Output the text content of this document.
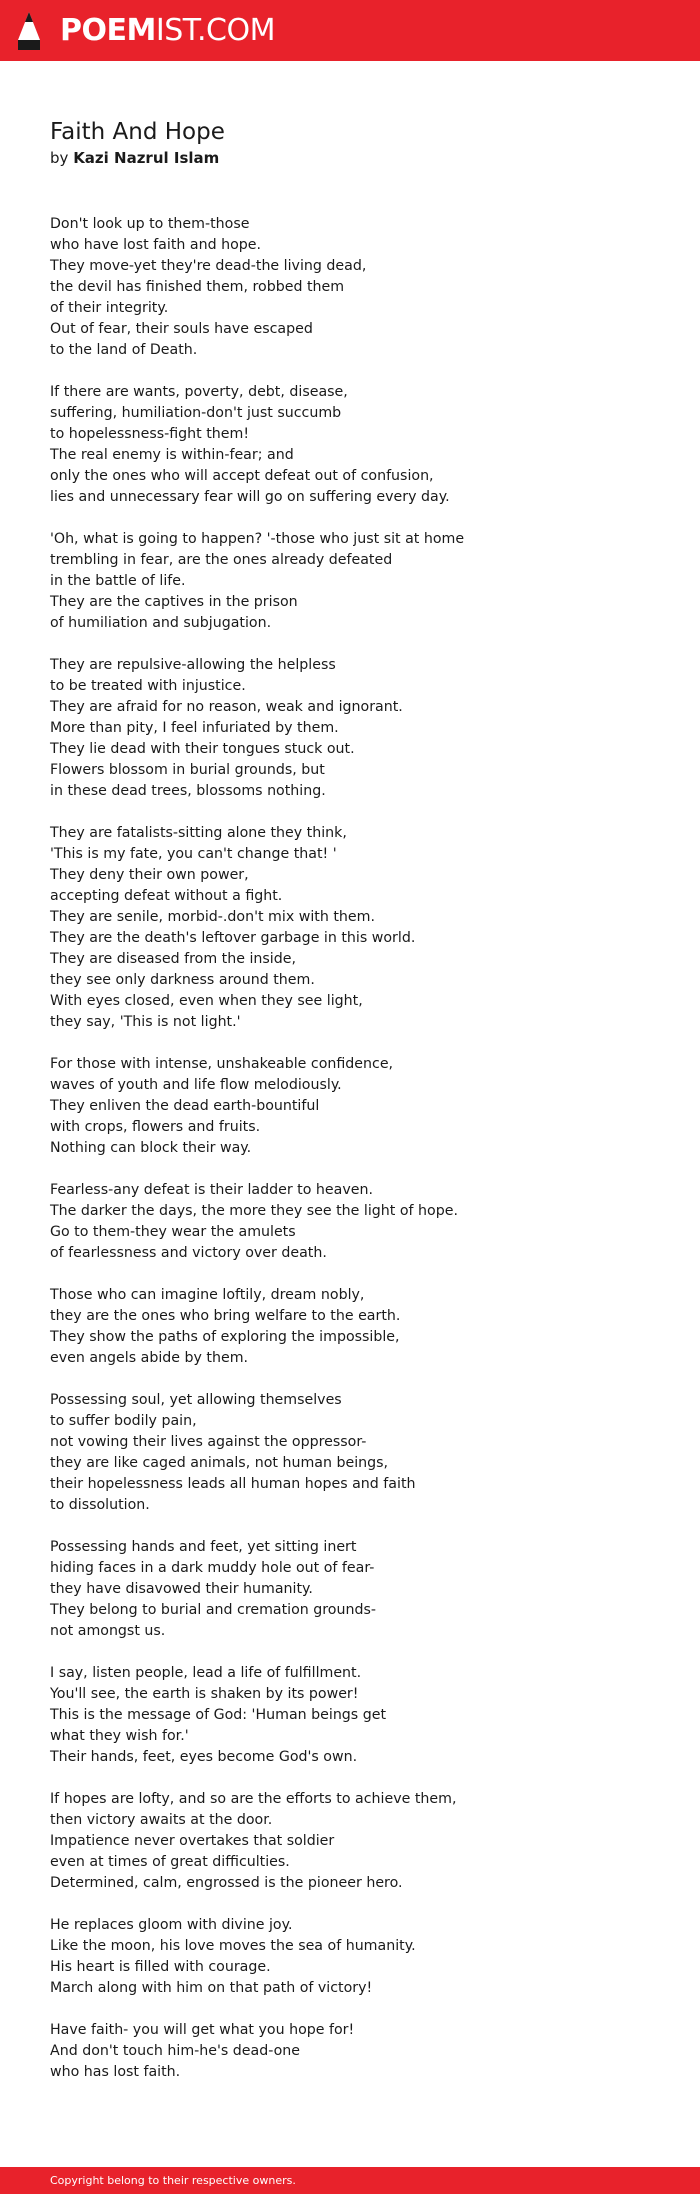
POEMIST.COM
Faith And Hope
by Kazi Nazrul Islam
Don't look up to them-those
who have lost faith and hope.
They move-yet they're dead-the living dead,
the devil has finished them, robbed them
of their integrity.
Out of fear, their souls have escaped
to the land of Death.
If there are wants, poverty, debt, disease,
suffering, humiliation-don't just succumb
to hopelessness-fight them!
The real enemy is within-fear; and
only the ones who will accept defeat out of confusion,
lies and unnecessary fear will go on suffering every day.
'Oh, what is going to happen? '-those who just sit at home
trembling in fear, are the ones already defeated
in the battle of life.
They are the captives in the prison
of humiliation and subjugation.
They are repulsive-allowing the helpless
to be treated with injustice.
They are afraid for no reason, weak and ignorant.
More than pity, I feel infuriated by them.
They lie dead with their tongues stuck out.
Flowers blossom in burial grounds, but
in these dead trees, blossoms nothing.
They are fatalists-sitting alone they think,
'This is my fate, you can't change that! '
They deny their own power,
accepting defeat without a fight.
They are senile, morbid-.don't mix with them.
They are the death's leftover garbage in this world.
They are diseased from the inside,
they see only darkness around them.
With eyes closed, even when they see light,
they say, 'This is not light.'
For those with intense, unshakeable confidence,
waves of youth and life flow melodiously.
They enliven the dead earth-bountiful
with crops, flowers and fruits.
Nothing can block their way.
Fearless-any defeat is their ladder to heaven.
The darker the days, the more they see the light of hope.
Go to them-they wear the amulets
of fearlessness and victory over death.
Those who can imagine loftily, dream nobly,
they are the ones who bring welfare to the earth.
They show the paths of exploring the impossible,
even angels abide by them.
Possessing soul, yet allowing themselves
to suffer bodily pain,
not vowing their lives against the oppressor-
they are like caged animals, not human beings,
their hopelessness leads all human hopes and faith
to dissolution.
Possessing hands and feet, yet sitting inert
hiding faces in a dark muddy hole out of fear-
they have disavowed their humanity.
They belong to burial and cremation grounds-
not amongst us.
I say, listen people, lead a life of fulfillment.
You'll see, the earth is shaken by its power!
This is the message of God: 'Human beings get
what they wish for.'
Their hands, feet, eyes become God's own.
If hopes are lofty, and so are the efforts to achieve them,
then victory awaits at the door.
Impatience never overtakes that soldier
even at times of great difficulties.
Determined, calm, engrossed is the pioneer hero.
He replaces gloom with divine joy.
Like the moon, his love moves the sea of humanity.
His heart is filled with courage.
March along with him on that path of victory!
Have faith- you will get what you hope for!
And don't touch him-he's dead-one
who has lost faith.
Copyright belong to their respective owners.
